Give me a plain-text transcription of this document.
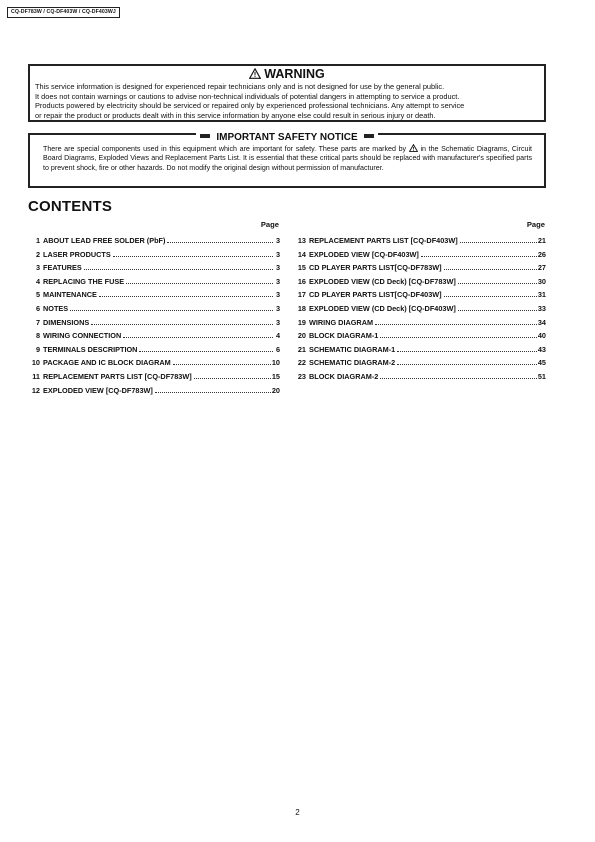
CQ-DF783W / CQ-DF403W / CQ-DF403WJ
WARNING
This service information is designed for experienced repair technicians only and is not designed for use by the general public.
It does not contain warnings or cautions to advise non-technical individuals of potential dangers in attempting to service a product.
Products powered by electricity should be serviced or repaired only by experienced professional technicians. Any attempt to service
or repair the product or products dealt with in this service information by anyone else could result in serious injury or death.
IMPORTANT SAFETY NOTICE
There are special components used in this equipment which are important for safety. These parts are marked by in the Schematic Diagrams, Circuit Board Diagrams, Exploded Views and Replacement Parts List. It is essential that these critical parts should be replaced with manufacturer's specified parts to prevent shock, fire or other hazards. Do not modify the original design without permission of manufacturer.
CONTENTS
Page
1 ABOUT LEAD FREE SOLDER (PbF)	3
2 LASER PRODUCTS	3
3 FEATURES	3
4 REPLACING THE FUSE	3
5 MAINTENANCE	3
6 NOTES	3
7 DIMENSIONS	3
8 WIRING CONNECTION	4
9 TERMINALS DESCRIPTION	6
10 PACKAGE AND IC BLOCK DIAGRAM	10
11 REPLACEMENT PARTS LIST [CQ-DF783W]	15
12 EXPLODED VIEW [CQ-DF783W]	20
Page
13 REPLACEMENT PARTS LIST [CQ-DF403W]	21
14 EXPLODED VIEW [CQ-DF403W]	26
15 CD PLAYER PARTS LIST[CQ-DF783W]	27
16 EXPLODED VIEW (CD Deck) [CQ-DF783W]	30
17 CD PLAYER PARTS LIST[CQ-DF403W]	31
18 EXPLODED VIEW (CD Deck) [CQ-DF403W]	33
19 WIRING DIAGRAM	34
20 BLOCK DIAGRAM-1	40
21 SCHEMATIC DIAGRAM-1	43
22 SCHEMATIC DIAGRAM-2	45
23 BLOCK DIAGRAM-2	51
2
